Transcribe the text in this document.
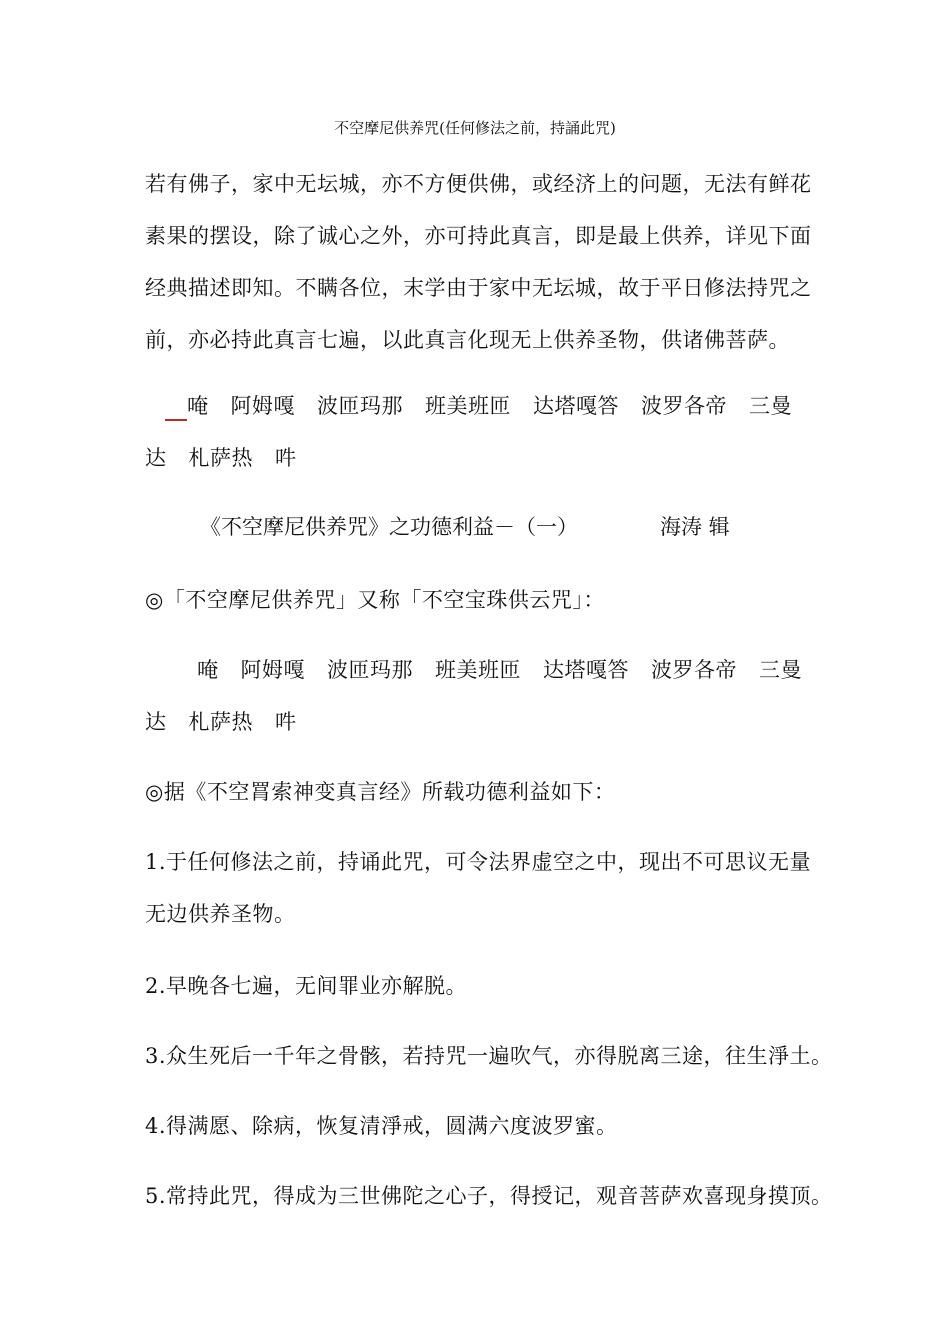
不空摩尼供养咒(任何修法之前，持誦此咒)
若有佛子，家中无坛城，亦不方便供佛，或经济上的问题，无法有鲜花
素果的摆设，除了诚心之外，亦可持此真言，即是最上供养，详见下面
经典描述即知。不瞒各位，末学由于家中无坛城，故于平日修法持咒之
前，亦必持此真言七遍，以此真言化现无上供养圣物，供诸佛菩萨。
唵 阿姆嘎 波匝玛那 班美班匝 达塔嘎答 波罗各帝 三曼
达 札萨热 吽
《不空摩尼供养咒》之功德利益－（一）	海涛 辑
◎「不空摩尼供养咒」又称「不空宝珠供云咒」：
唵 阿姆嘎 波匝玛那 班美班匝 达塔嘎答 波罗各帝 三曼
达 札萨热 吽
◎据《不空罥索神变真言经》所载功德利益如下：
1.于任何修法之前，持诵此咒，可令法界虚空之中，现出不可思议无量
无边供养圣物。
2.早晚各七遍，无间罪业亦解脱。
3.众生死后一千年之骨骸，若持咒一遍吹气，亦得脱离三途，往生淨土。
4.得满愿、除病，恢复清淨戒，圆满六度波罗蜜。
5.常持此咒，得成为三世佛陀之心子，得授记，观音菩萨欢喜现身摸顶。
